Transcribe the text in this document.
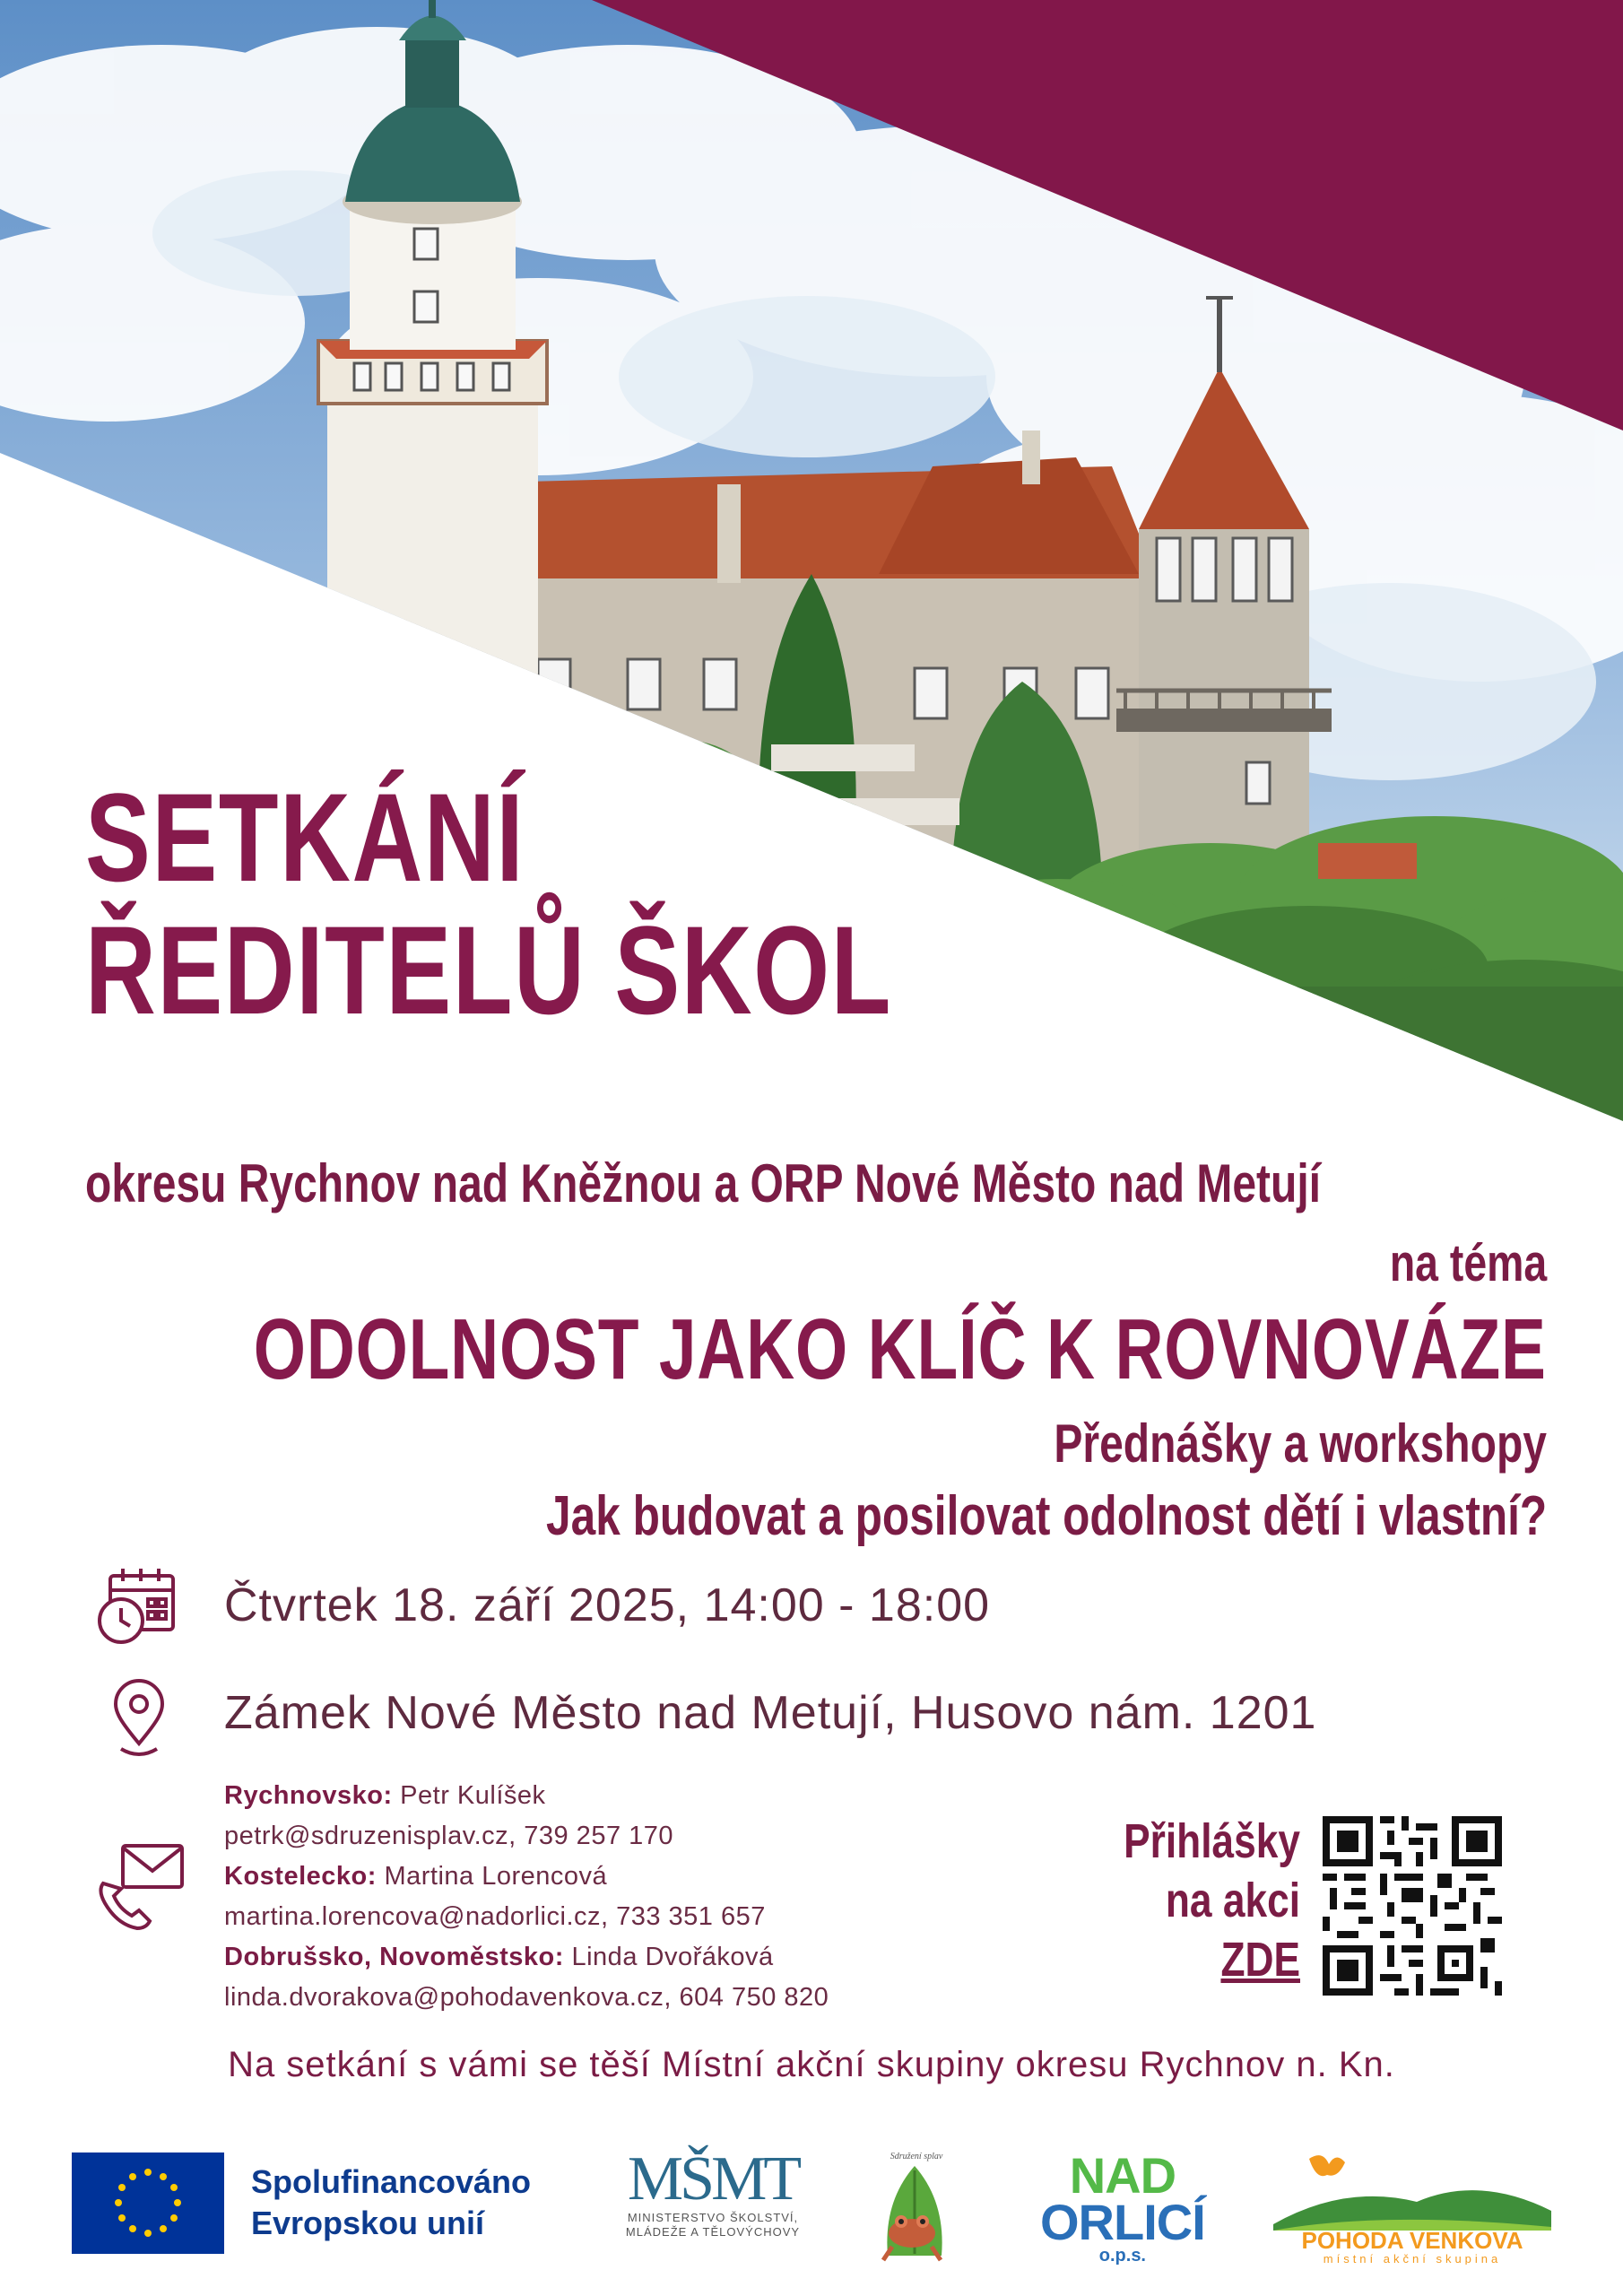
SETKÁNÍ
ŘEDITELŮ ŠKOL
okresu Rychnov nad Kněžnou a ORP Nové Město nad Metují
na téma
ODOLNOST JAKO KLÍČ K ROVNOVÁZE
Přednášky a workshopy
Jak budovat a posilovat odolnost dětí i vlastní?
Čtvrtek 18. září 2025, 14:00 - 18:00
Zámek Nové Město nad Metují, Husovo nám. 1201
Rychnovsko: Petr Kulíšek
petrk@sdruzenisplav.cz, 739 257 170
Kostelecko: Martina Lorencová
martina.lorencova@nadorlici.cz, 733 351 657
Dobrušsko, Novoměstsko: Linda Dvořáková
linda.dvorakova@pohodavenkova.cz, 604 750 820
Přihlášky
na akci
ZDE
Na setkání s vámi se těší Místní akční skupiny okresu Rychnov n. Kn.
Spolufinancováno
Evropskou unií
MŠMT
MINISTERSTVO ŠKOLSTVÍ,
MLÁDEŽE A TĚLOVÝCHOVY
Sdružení splav	NAD
ORLICÍ
o.p.s.
POHODA VENKOVA
místní akční skupina
